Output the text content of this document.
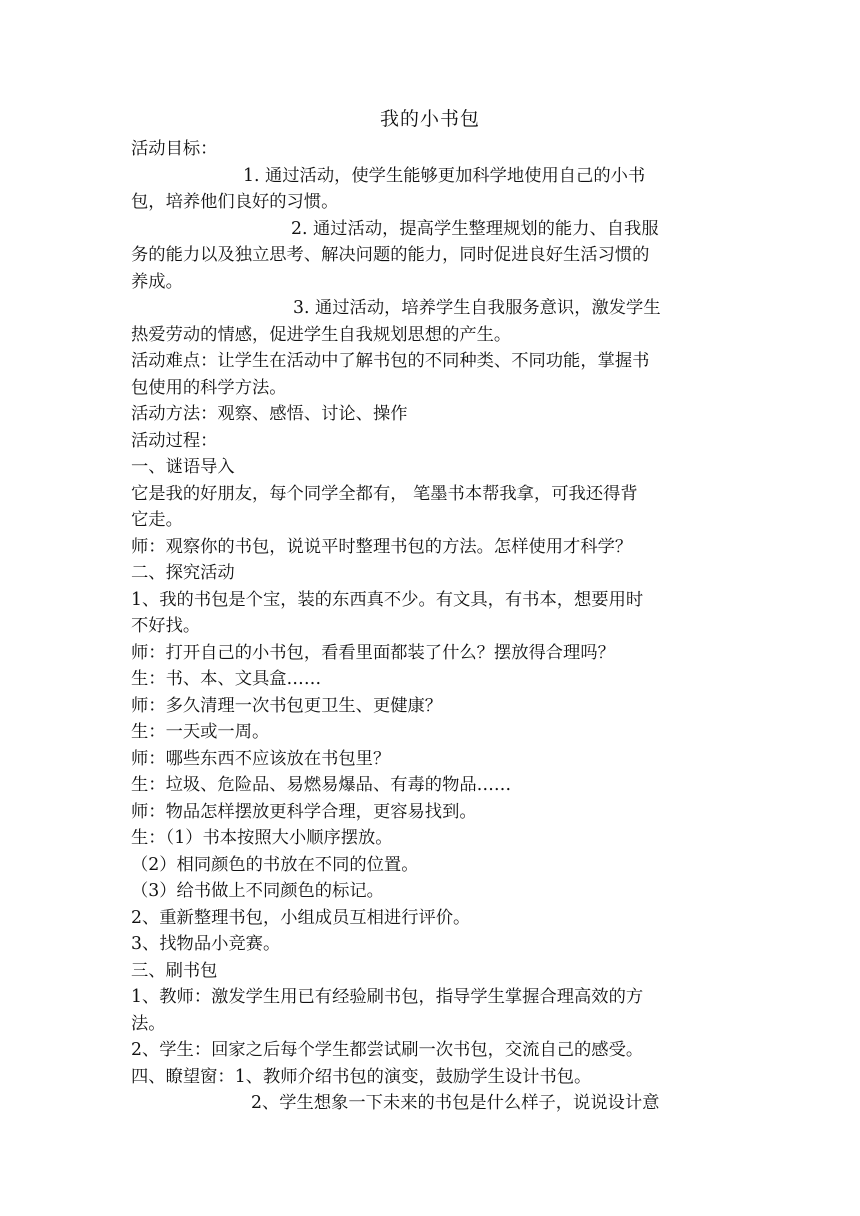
我的小书包
活动目标：
1. 通过活动，使学生能够更加科学地使用自己的小书
包，培养他们良好的习惯。
2. 通过活动，提高学生整理规划的能力、自我服
务的能力以及独立思考、解决问题的能力，同时促进良好生活习惯的
养成。
3. 通过活动，培养学生自我服务意识，激发学生
热爱劳动的情感，促进学生自我规划思想的产生。
活动难点：让学生在活动中了解书包的不同种类、不同功能，掌握书
包使用的科学方法。
活动方法：观察、感悟、讨论、操作
活动过程：
一、谜语导入
它是我的好朋友，每个同学全都有， 笔墨书本帮我拿，可我还得背
它走。
师：观察你的书包，说说平时整理书包的方法。怎样使用才科学？
二、探究活动
1、我的书包是个宝，装的东西真不少。有文具，有书本，想要用时
不好找。
师：打开自己的小书包，看看里面都装了什么？摆放得合理吗？
生：书、本、文具盒……
师：多久清理一次书包更卫生、更健康？
生：一天或一周。
师：哪些东西不应该放在书包里？
生：垃圾、危险品、易燃易爆品、有毒的物品……
师：物品怎样摆放更科学合理，更容易找到。
生：（1）书本按照大小顺序摆放。
（2）相同颜色的书放在不同的位置。
（3）给书做上不同颜色的标记。
2、重新整理书包，小组成员互相进行评价。
3、找物品小竞赛。
三、刷书包
1、教师：激发学生用已有经验刷书包，指导学生掌握合理高效的方
法。
2、学生：回家之后每个学生都尝试刷一次书包，交流自己的感受。
四、瞭望窗：1、教师介绍书包的演变，鼓励学生设计书包。
2、学生想象一下未来的书包是什么样子，说说设计意
